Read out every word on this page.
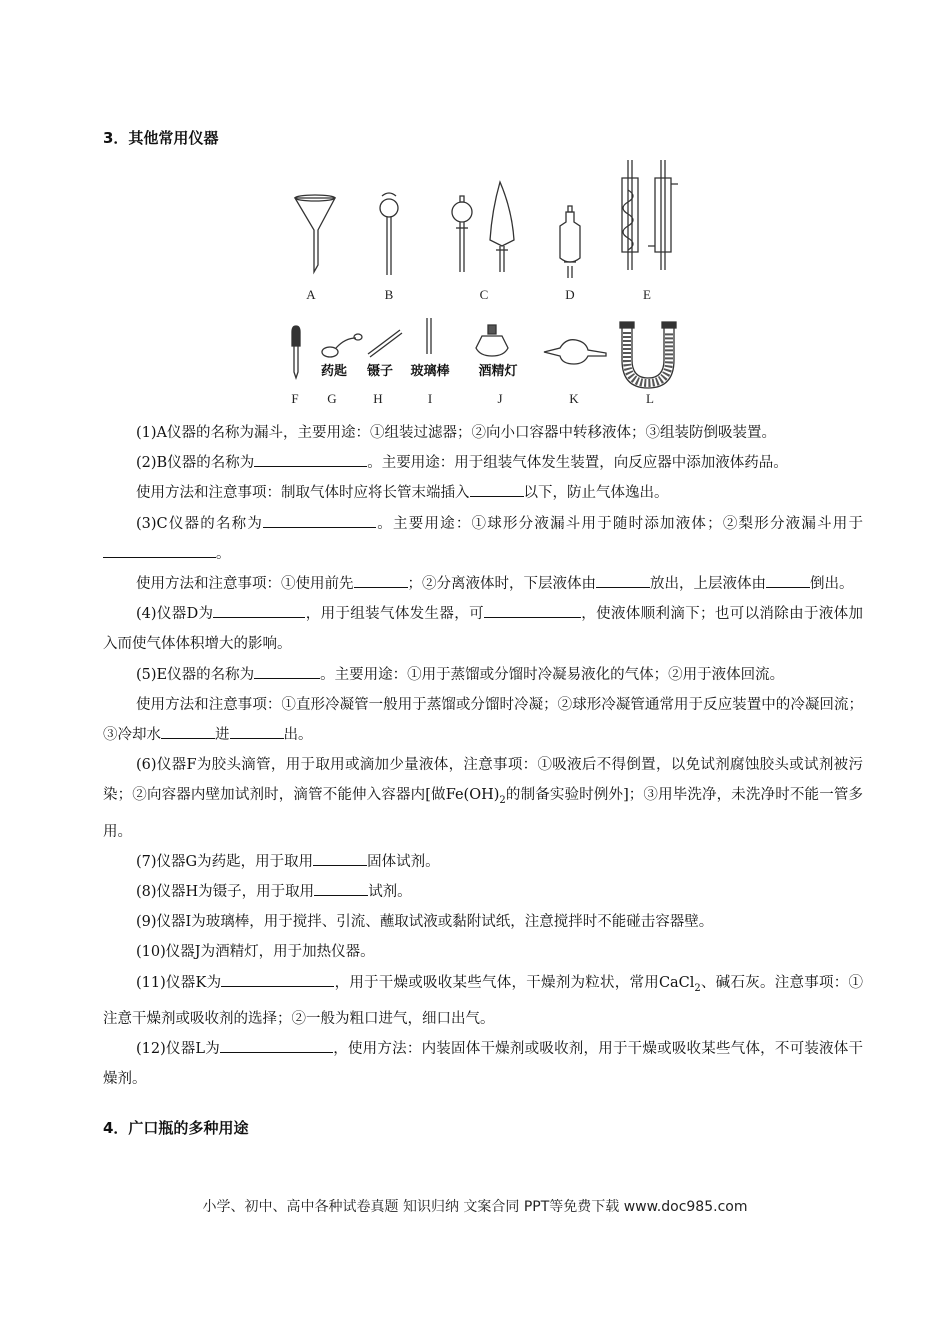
3．其他常用仪器
A	B	C	D	E
药匙 镊子 玻璃棒 酒精灯
F G	H	I	J	K	L

(1)A仪器的名称为漏斗，主要用途：①组装过滤器；②向小口容器中转移液体；③组装防倒吸装置。

(2)B仪器的名称为	。主要用途：用于组装气体发生装置，向反应器中添加液体药品。

使用方法和注意事项：制取气体时应将长管末端插入	以下，防止气体逸出。

(3)C仪器的名称为	。主要用途：①球形分液漏斗用于随时添加液体；②梨形分液漏斗用于。

使用方法和注意事项：①使用前先	；②分离液体时，下层液体由	放出，上层液体由	倒出。

(4)仪器D为	，用于组装气体发生器，可	，使液体顺利滴下；也可以消除由于液体加入而使气体体积增大的影响。

(5)E仪器的名称为	。主要用途：①用于蒸馏或分馏时冷凝易液化的气体；②用于液体回流。

使用方法和注意事项：①直形冷凝管一般用于蒸馏或分馏时冷凝；②球形冷凝管通常用于反应装置中的冷凝回流；③冷却水	进	出。

(6)仪器F为胶头滴管，用于取用或滴加少量液体，注意事项：①吸液后不得倒置，以免试剂腐蚀胶头或试剂被污染；②向容器内壁加试剂时，滴管不能伸入容器内[做$Fe(OH)_2$的制备实验时例外]；③用毕洗净，未洗净时不能一管多用。

(7)仪器G为药匙，用于取用	固体试剂。

(8)仪器H为镊子，用于取用	试剂。

(9)仪器I为玻璃棒，用于搅拌、引流、蘸取试液或黏附试纸，注意搅拌时不能碰击容器壁。

(10)仪器J为酒精灯，用于加热仪器。

(11)仪器K为	，用于干燥或吸收某些气体，干燥剂为粒状，常用CaCl$_2$、碱石灰。注意事项：①注意干燥剂或吸收剂的选择；②一般为粗口进气，细口出气。

(12)仪器L为	，使用方法：内装固体干燥剂或吸收剂，用于干燥或吸收某些气体，不可装液体干燥剂。

4．广口瓶的多种用途
小学、初中、高中各种试卷真题 知识归纳 文案合同 PPT等免费下载 www.doc985.com
